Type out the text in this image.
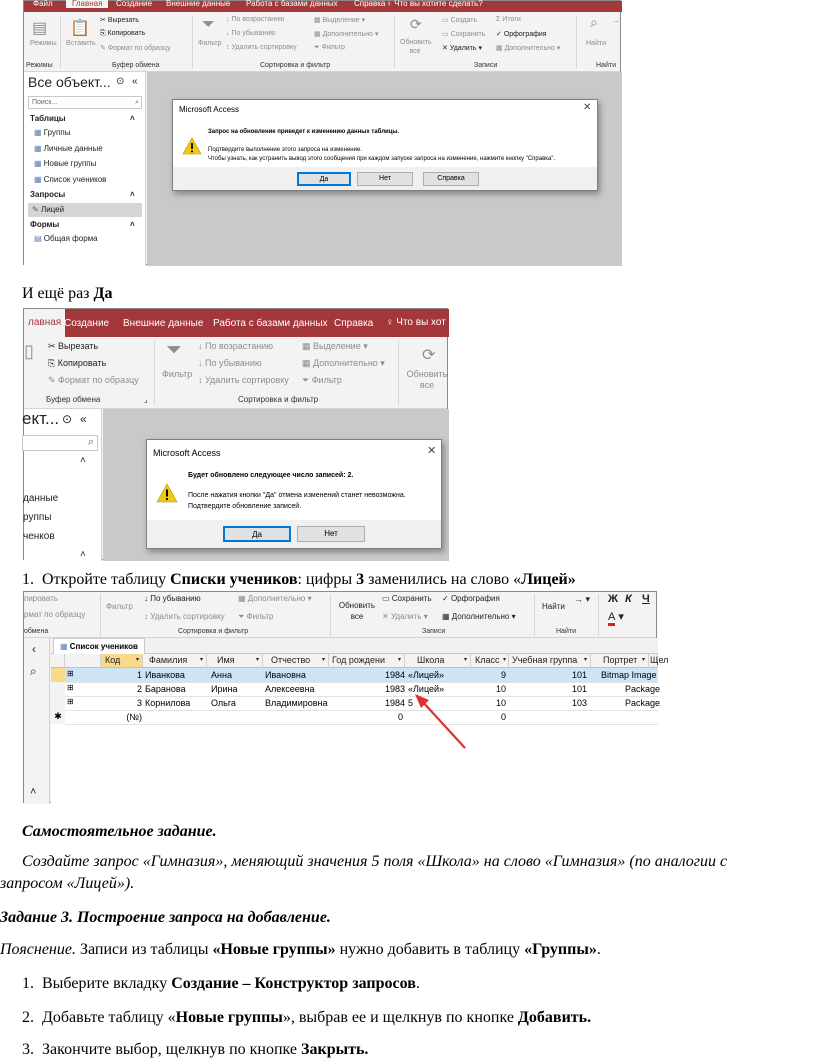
Файл	Главная	Создание Внешние данные Работа с базами данных Справка ♀ Что вы хотите сделать?
▤
Режимы
📋
Вставить
✂ Вырезать
⎘ Копировать
✎ Формат по образцу
⏷
Фильтр
↓ По возрастанию
↓ По убыванию
↕ Удалить сортировку
▦ Выделение ▾
▦ Дополнительно ▾
⏷ Фильтр
⟳
Обновить все
▭ Создать
▭ Сохранить
✕ Удалить ▾
Σ Итоги
✓ Орфография
▦ Дополнительно ▾
⌕
Найти
→
Режимы	Буфер обмена	Сортировка и фильтр	Записи	Найти
Все объект... ⊙ «
Поиск...	⌕
Таблицы	˄
▦ Группы
▦ Личные данные
▦ Новые группы
▦ Список учеников
Запросы	˄
✎ Лицей
Формы	˄
▤ Общая форма
Microsoft Access	✕
Запрос на обновление приведет к изменению данных таблицы.
Подтвердите выполнение этого запроса на изменение.
Чтобы узнать, как устранить вывод этого сообщения при каждом запуске запроса на изменение, нажмите кнопку "Справка".
Да	Нет	Справка
И ещё раз Да
лавная Создание Внешние данные Работа с базами данных Справка ♀ Что вы хот
▯ ✂ Вырезать
⎘ Копировать
✎ Формат по образцу
⏷
Фильтр
↓ По возрастанию
↓ По убыванию
↕ Удалить сортировку
▦ Выделение ▾
▦ Дополнительно ▾
⏷ Фильтр
⟳
Обновить все
Буфер обмена	⌟	Сортировка и фильтр
ект... ⊙ «
⌕
˄
данные
руппы
ченков
˄
Microsoft Access	✕
Будет обновлено следующее число записей: 2.
После нажатия кнопки "Да" отмена изменений станет невозможна.
Подтвердите обновление записей.
Да	Нет
1. Откройте таблицу Списки учеников: цифры 3 заменились на слово «Лицей»
пировать
рмат по образцу
Фильтр
↓ По убыванию
↕ Удалить сортировку
▦ Дополнительно ▾
⏷ Фильтр
Обновить все
▭ Сохранить
✕ Удалить ▾
✓ Орфография
▦ Дополнительно ▾
Найти
→ ▾ Ж К Ч
А ▾
обмена	Сортировка и фильтр	Записи	Найти
‹
⌕
˄
▦ Список учеников
Код	▾	Фамилия ▾	Имя	▾	Отчество ▾ Год рождени ▾	Школа	▾ Класс ▾ Учебная группа ▾	Портрет ▾ Щел
⊞	1 Иванкова	Анна	Ивановна	1984 «Лицей»	9	101	Bitmap Image
⊞	2 Баранова	Ирина	Алексеевна	1983 «Лицей»	10	101	Package
⊞	3 Корнилова	Ольга	Владимировна	1984 5	10	103	Package
✱	(№)	0	0
Самостоятельное задание.
Создайте запрос «Гимназия», меняющий значения 5 поля «Школа» на слово «Гимназия» (по аналогии с
запросом «Лицей»).
Задание 3. Построение запроса на добавление.
Пояснение. Записи из таблицы «Новые группы» нужно добавить в таблицу «Группы».
1. Выберите вкладку Создание – Конструктор запросов.
2. Добавьте таблицу «Новые группы», выбрав ее и щелкнув по кнопке Добавить.
3. Закончите выбор, щелкнув по кнопке Закрыть.
